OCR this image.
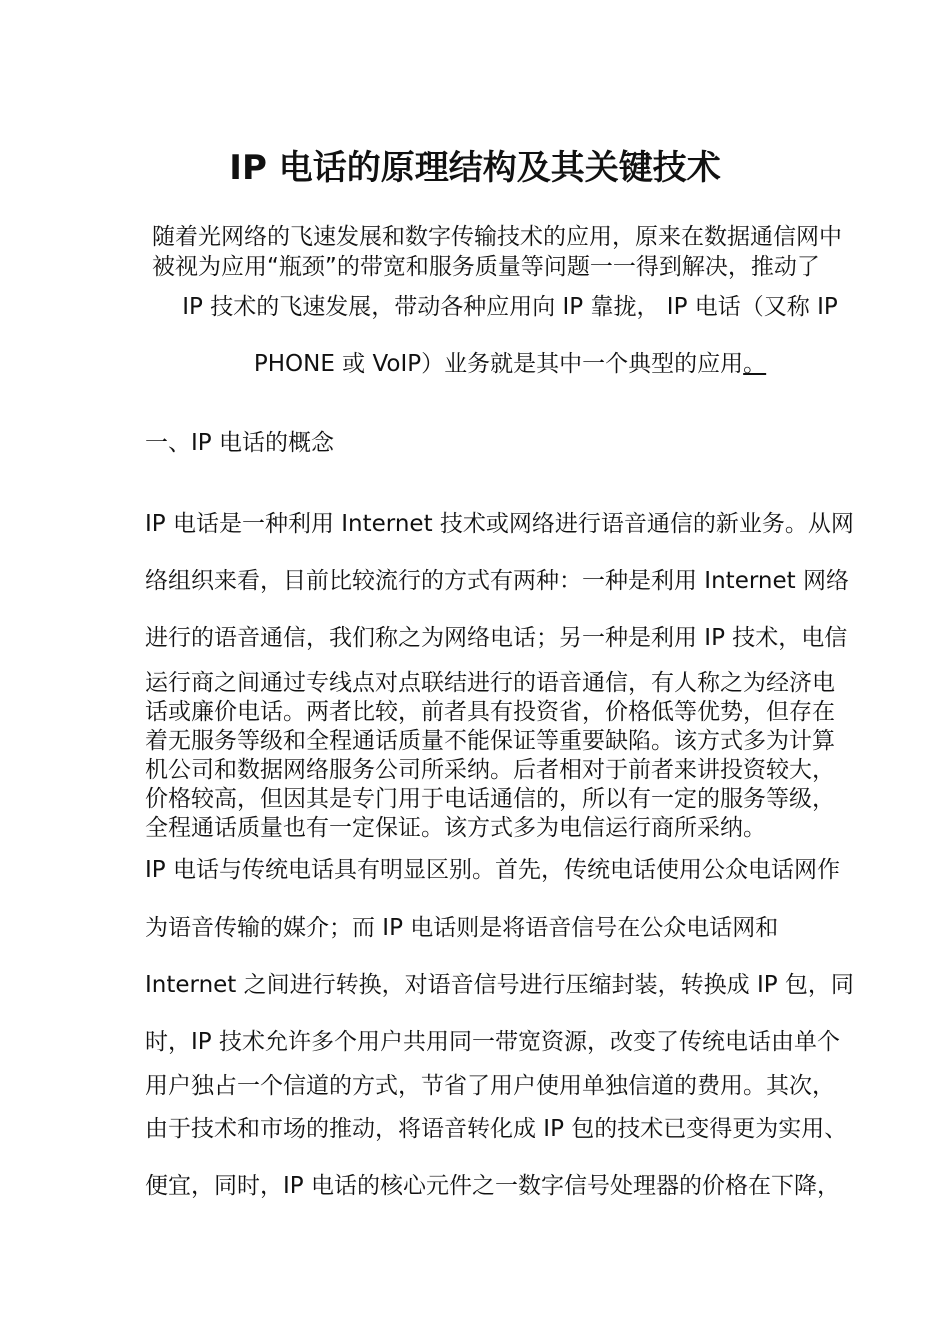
IP 电话的原理结构及其关键技术
随着光网络的飞速发展和数字传输技术的应用，原来在数据通信网中
被视为应用“瓶颈”的带宽和服务质量等问题一一得到解决，推动了
IP 技术的飞速发展，带动各种应用向 IP 靠拢， IP 电话（又称 IP
PHONE 或 VoIP）业务就是其中一个典型的应用。
一、IP 电话的概念
IP 电话是一种利用 Internet 技术或网络进行语音通信的新业务。从网
络组织来看，目前比较流行的方式有两种：一种是利用 Internet 网络
进行的语音通信，我们称之为网络电话；另一种是利用 IP 技术，电信
运行商之间通过专线点对点联结进行的语音通信，有人称之为经济电
话或廉价电话。两者比较，前者具有投资省，价格低等优势，但存在
着无服务等级和全程通话质量不能保证等重要缺陷。该方式多为计算
机公司和数据网络服务公司所采纳。后者相对于前者来讲投资较大，
价格较高，但因其是专门用于电话通信的，所以有一定的服务等级，
全程通话质量也有一定保证。该方式多为电信运行商所采纳。
IP 电话与传统电话具有明显区别。首先，传统电话使用公众电话网作
为语音传输的媒介；而 IP 电话则是将语音信号在公众电话网和
Internet 之间进行转换，对语音信号进行压缩封装，转换成 IP 包，同
时，IP 技术允许多个用户共用同一带宽资源，改变了传统电话由单个
用户独占一个信道的方式，节省了用户使用单独信道的费用。其次，
由于技术和市场的推动，将语音转化成 IP 包的技术已变得更为实用、
便宜，同时，IP 电话的核心元件之一数字信号处理器的价格在下降，
